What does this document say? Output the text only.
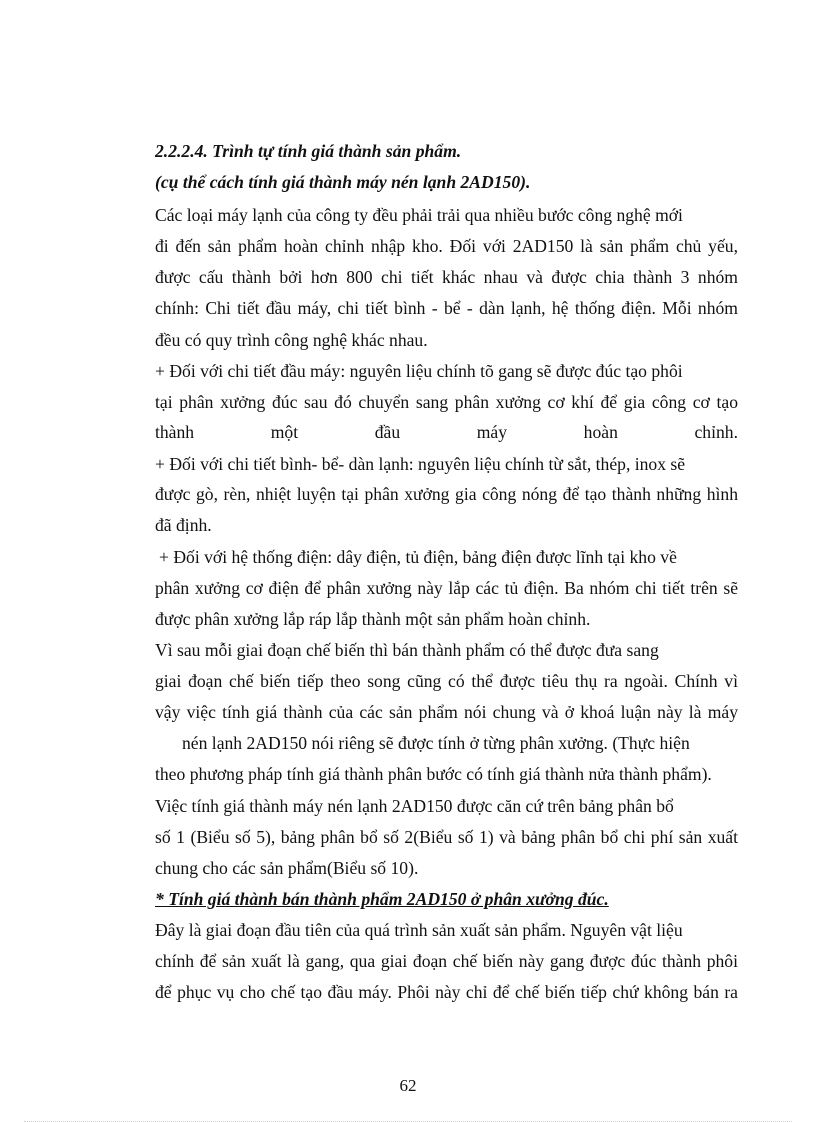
2.2.2.4. Trình tự tính giá thành sản phẩm.
(cụ thể cách tính giá thành máy nén lạnh 2AD150).
Các loại máy lạnh của công ty đều phải trải qua nhiều bước công nghệ mới
đi đến sản phẩm hoàn chỉnh nhập kho. Đối với 2AD150 là sản phẩm chủ yếu,
được cấu thành bởi hơn 800 chi tiết khác nhau và được chia thành 3 nhóm
chính: Chi tiết đầu máy, chi tiết bình - bể - dàn lạnh, hệ thống điện. Mỗi nhóm
đều có quy trình công nghệ khác nhau.
+ Đối với chi tiết đầu máy: nguyên liệu chính tõ gang sẽ được đúc tạo phôi
tại phân xưởng đúc sau đó chuyển sang phân xưởng cơ khí để gia công cơ tạo
thành một đầu máy hoàn chỉnh.
+ Đối với chi tiết bình- bể- dàn lạnh: nguyên liệu chính từ sắt, thép, inox sẽ
được gò, rèn, nhiệt luyện tại phân xưởng gia công nóng để tạo thành những hình
đã định.
+ Đối với hệ thống điện: dây điện, tủ điện, bảng điện được lĩnh tại kho về
phân xưởng cơ điện để phân xưởng này lắp các tủ điện. Ba nhóm chi tiết trên sẽ
được phân xưởng lắp ráp lắp thành một sản phẩm hoàn chỉnh.
Vì sau mỗi giai đoạn chế biến thì bán thành phẩm có thể được đưa sang
giai đoạn chế biến tiếp theo song cũng có thể được tiêu thụ ra ngoài. Chính vì
vậy việc tính giá thành của các sản phẩm nói chung và ở khoá luận này là máy
nén lạnh 2AD150 nói riêng sẽ được tính ở từng phân xưởng. (Thực hiện
theo phương pháp tính giá thành phân bước có tính giá thành nửa thành phẩm).
Việc tính giá thành máy nén lạnh 2AD150 được căn cứ trên bảng phân bổ
số 1 (Biểu số 5), bảng phân bổ số 2(Biểu số 1) và bảng phân bổ chi phí sản xuất
chung cho các sản phẩm(Biểu số 10).
* Tính giá thành bán thành phẩm 2AD150 ở phân xưởng đúc.
Đây là giai đoạn đầu tiên của quá trình sản xuất sản phẩm. Nguyên vật liệu
chính để sản xuất là gang, qua giai đoạn chế biến này gang được đúc thành phôi
để phục vụ cho chế tạo đầu máy. Phôi này chỉ để chế biến tiếp chứ không bán ra
62
